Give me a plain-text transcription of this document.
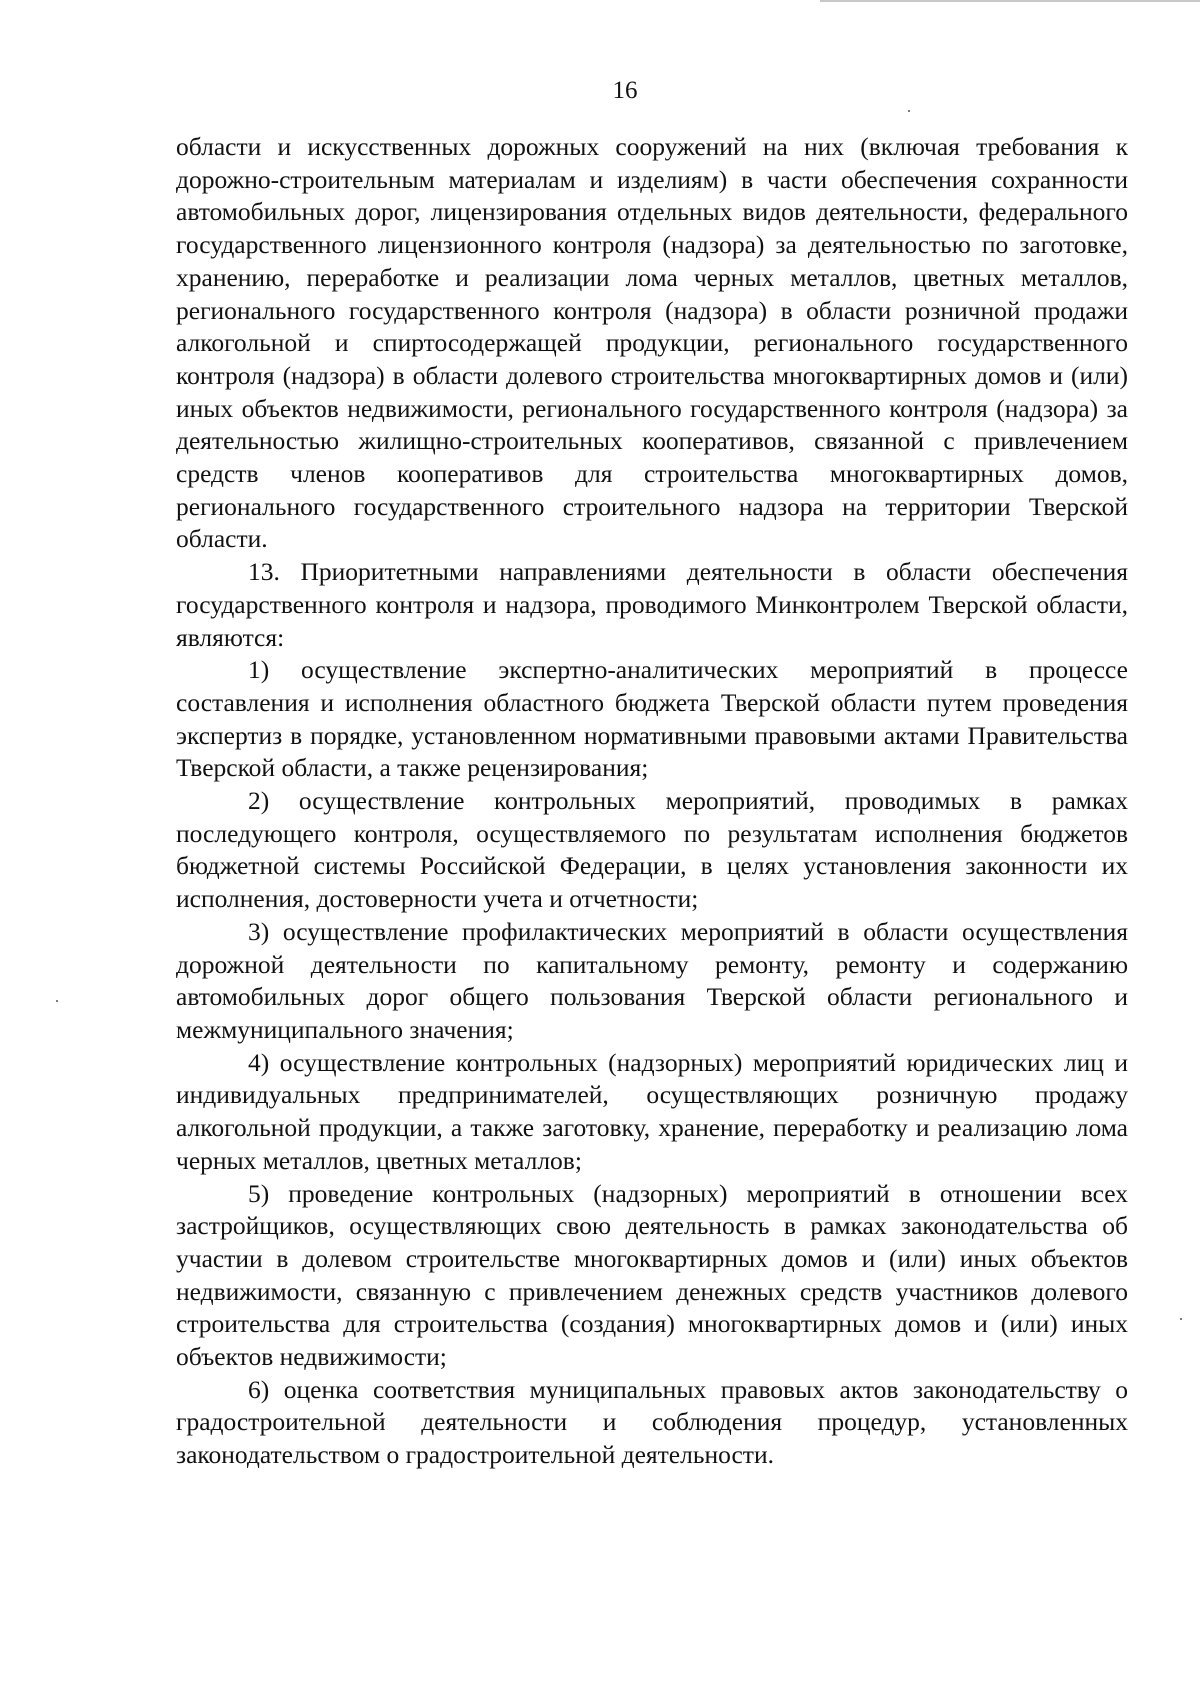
16

области и искусственных дорожных сооружений на них (включая требования к дорожно-строительным материалам и изделиям) в части обеспечения сохранности автомобильных дорог, лицензирования отдельных видов деятельности, федерального государственного лицензионного контроля (надзора) за деятельностью по заготовке, хранению, переработке и реализации лома черных металлов, цветных металлов, регионального государственного контроля (надзора) в области розничной продажи алкогольной и спиртосодержащей продукции, регионального государственного контроля (надзора) в области долевого строительства многоквартирных домов и (или) иных объектов недвижимости, регионального государственного контроля (надзора) за деятельностью жилищно-строительных кооперативов, связанной с привлечением средств членов кооперативов для строительства многоквартирных домов, регионального государственного строительного надзора на территории Тверской области.

13. Приоритетными направлениями деятельности в области обеспечения государственного контроля и надзора, проводимого Минконтролем Тверской области, являются:

1) осуществление экспертно-аналитических мероприятий в процессе составления и исполнения областного бюджета Тверской области путем проведения экспертиз в порядке, установленном нормативными правовыми актами Правительства Тверской области, а также рецензирования;

2) осуществление контрольных мероприятий, проводимых в рамках последующего контроля, осуществляемого по результатам исполнения бюджетов бюджетной системы Российской Федерации, в целях установления законности их исполнения, достоверности учета и отчетности;

3) осуществление профилактических мероприятий в области осуществления дорожной деятельности по капитальному ремонту, ремонту и содержанию автомобильных дорог общего пользования Тверской области регионального и межмуниципального значения;

4) осуществление контрольных (надзорных) мероприятий юридических лиц и индивидуальных предпринимателей, осуществляющих розничную продажу алкогольной продукции, а также заготовку, хранение, переработку и реализацию лома черных металлов, цветных металлов;

5) проведение контрольных (надзорных) мероприятий в отношении всех застройщиков, осуществляющих свою деятельность в рамках законодательства об участии в долевом строительстве многоквартирных домов и (или) иных объектов недвижимости, связанную с привлечением денежных средств участников долевого строительства для строительства (создания) многоквартирных домов и (или) иных объектов недвижимости;

6) оценка соответствия муниципальных правовых актов законодательству о градостроительной деятельности и соблюдения процедур, установленных законодательством о градостроительной деятельности.
